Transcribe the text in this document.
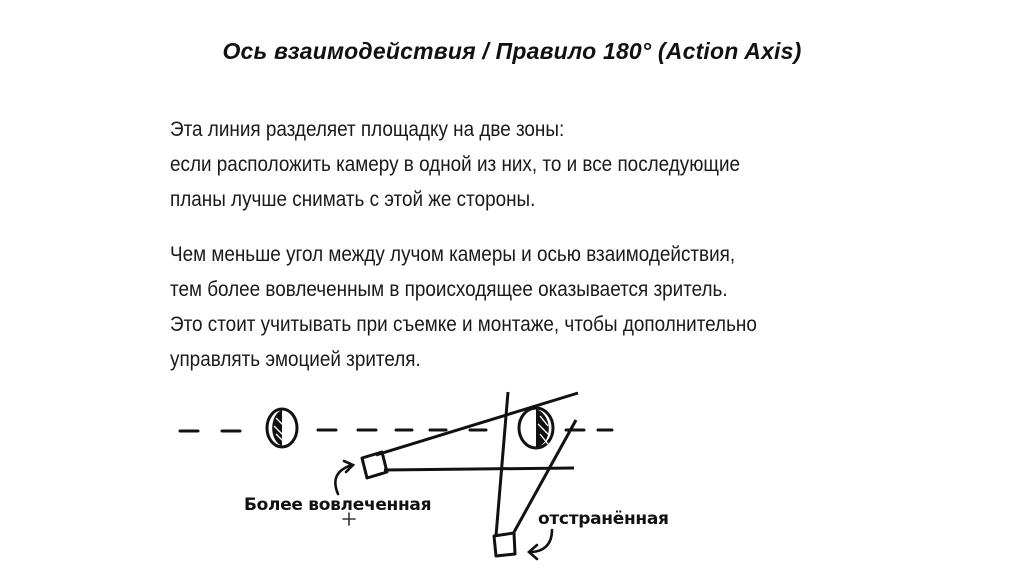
Ось взаимодействия / Правило 180° (Action Axis)
Эта линия разделяет площадку на две зоны:
если расположить камеру в одной из них, то и все последующие
планы лучше снимать с этой же стороны.
Чем меньше угол между лучом камеры и осью взаимодействия,
тем более вовлеченным в происходящее оказывается зритель.
Это стоит учитывать при съемке и монтаже, чтобы дополнительно
управлять эмоцией зрителя.
Более вовлеченная
отстранённая
